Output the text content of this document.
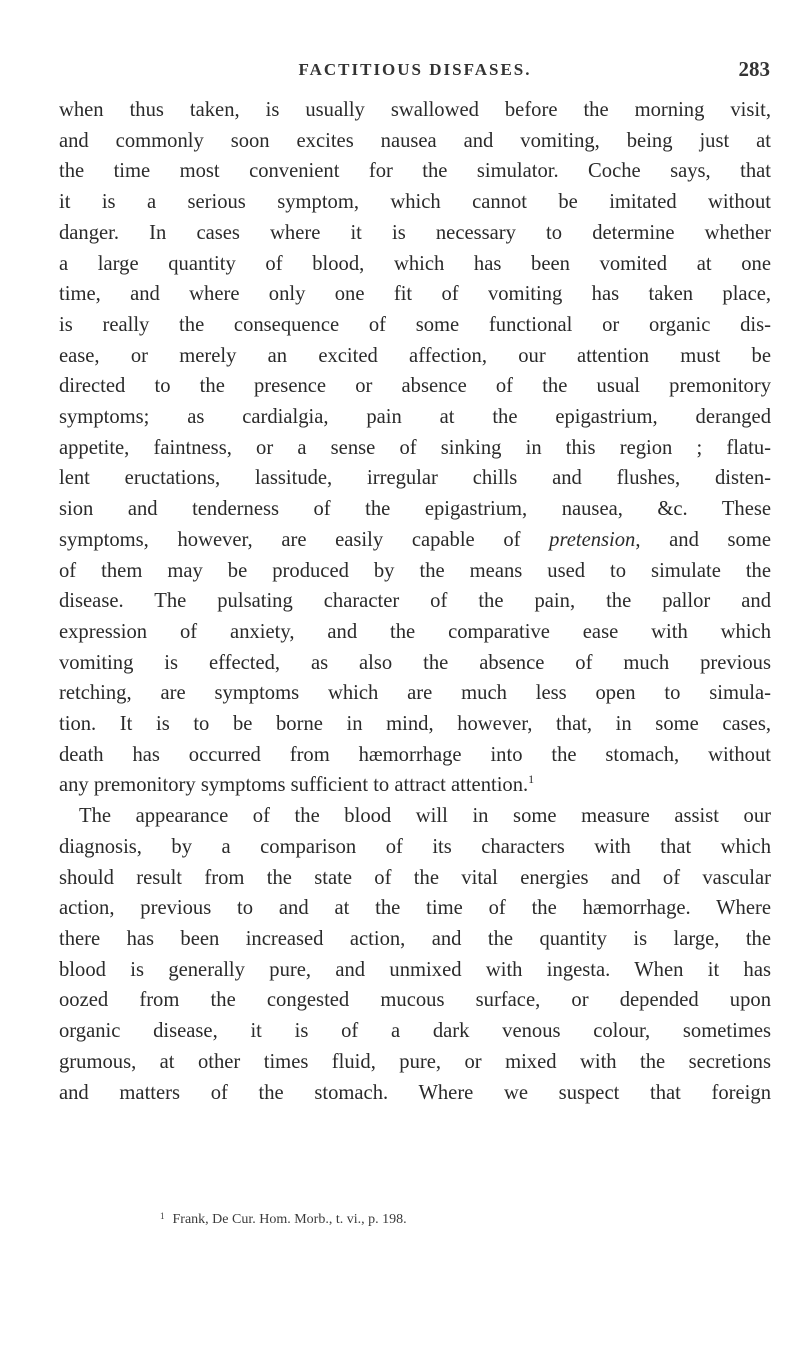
FACTITIOUS DISFASES.	283
when thus taken, is usually swallowed before the morning visit,
and commonly soon excites nausea and vomiting, being just at
the time most convenient for the simulator. Coche says, that
it is a serious symptom, which cannot be imitated without
danger. In cases where it is necessary to determine whether
a large quantity of blood, which has been vomited at one
time, and where only one fit of vomiting has taken place,
is really the consequence of some functional or organic dis-
ease, or merely an excited affection, our attention must be
directed to the presence or absence of the usual premonitory
symptoms; as cardialgia, pain at the epigastrium, deranged
appetite, faintness, or a sense of sinking in this region ; flatu-
lent eructations, lassitude, irregular chills and flushes, disten-
sion and tenderness of the epigastrium, nausea, &c. These
symptoms, however, are easily capable of pretension, and some
of them may be produced by the means used to simulate the
disease. The pulsating character of the pain, the pallor and
expression of anxiety, and the comparative ease with which
vomiting is effected, as also the absence of much previous
retching, are symptoms which are much less open to simula-
tion. It is to be borne in mind, however, that, in some cases,
death has occurred from hæmorrhage into the stomach, without
any premonitory symptoms sufficient to attract attention.$^1$
The appearance of the blood will in some measure assist our
diagnosis, by a comparison of its characters with that which
should result from the state of the vital energies and of vascular
action, previous to and at the time of the hæmorrhage. Where
there has been increased action, and the quantity is large, the
blood is generally pure, and unmixed with ingesta. When it has
oozed from the congested mucous surface, or depended upon
organic disease, it is of a dark venous colour, sometimes
grumous, at other times fluid, pure, or mixed with the secretions
and matters of the stomach. Where we suspect that foreign
$^1$ Frank, De Cur. Hom. Morb., t. vi., p. 198.
